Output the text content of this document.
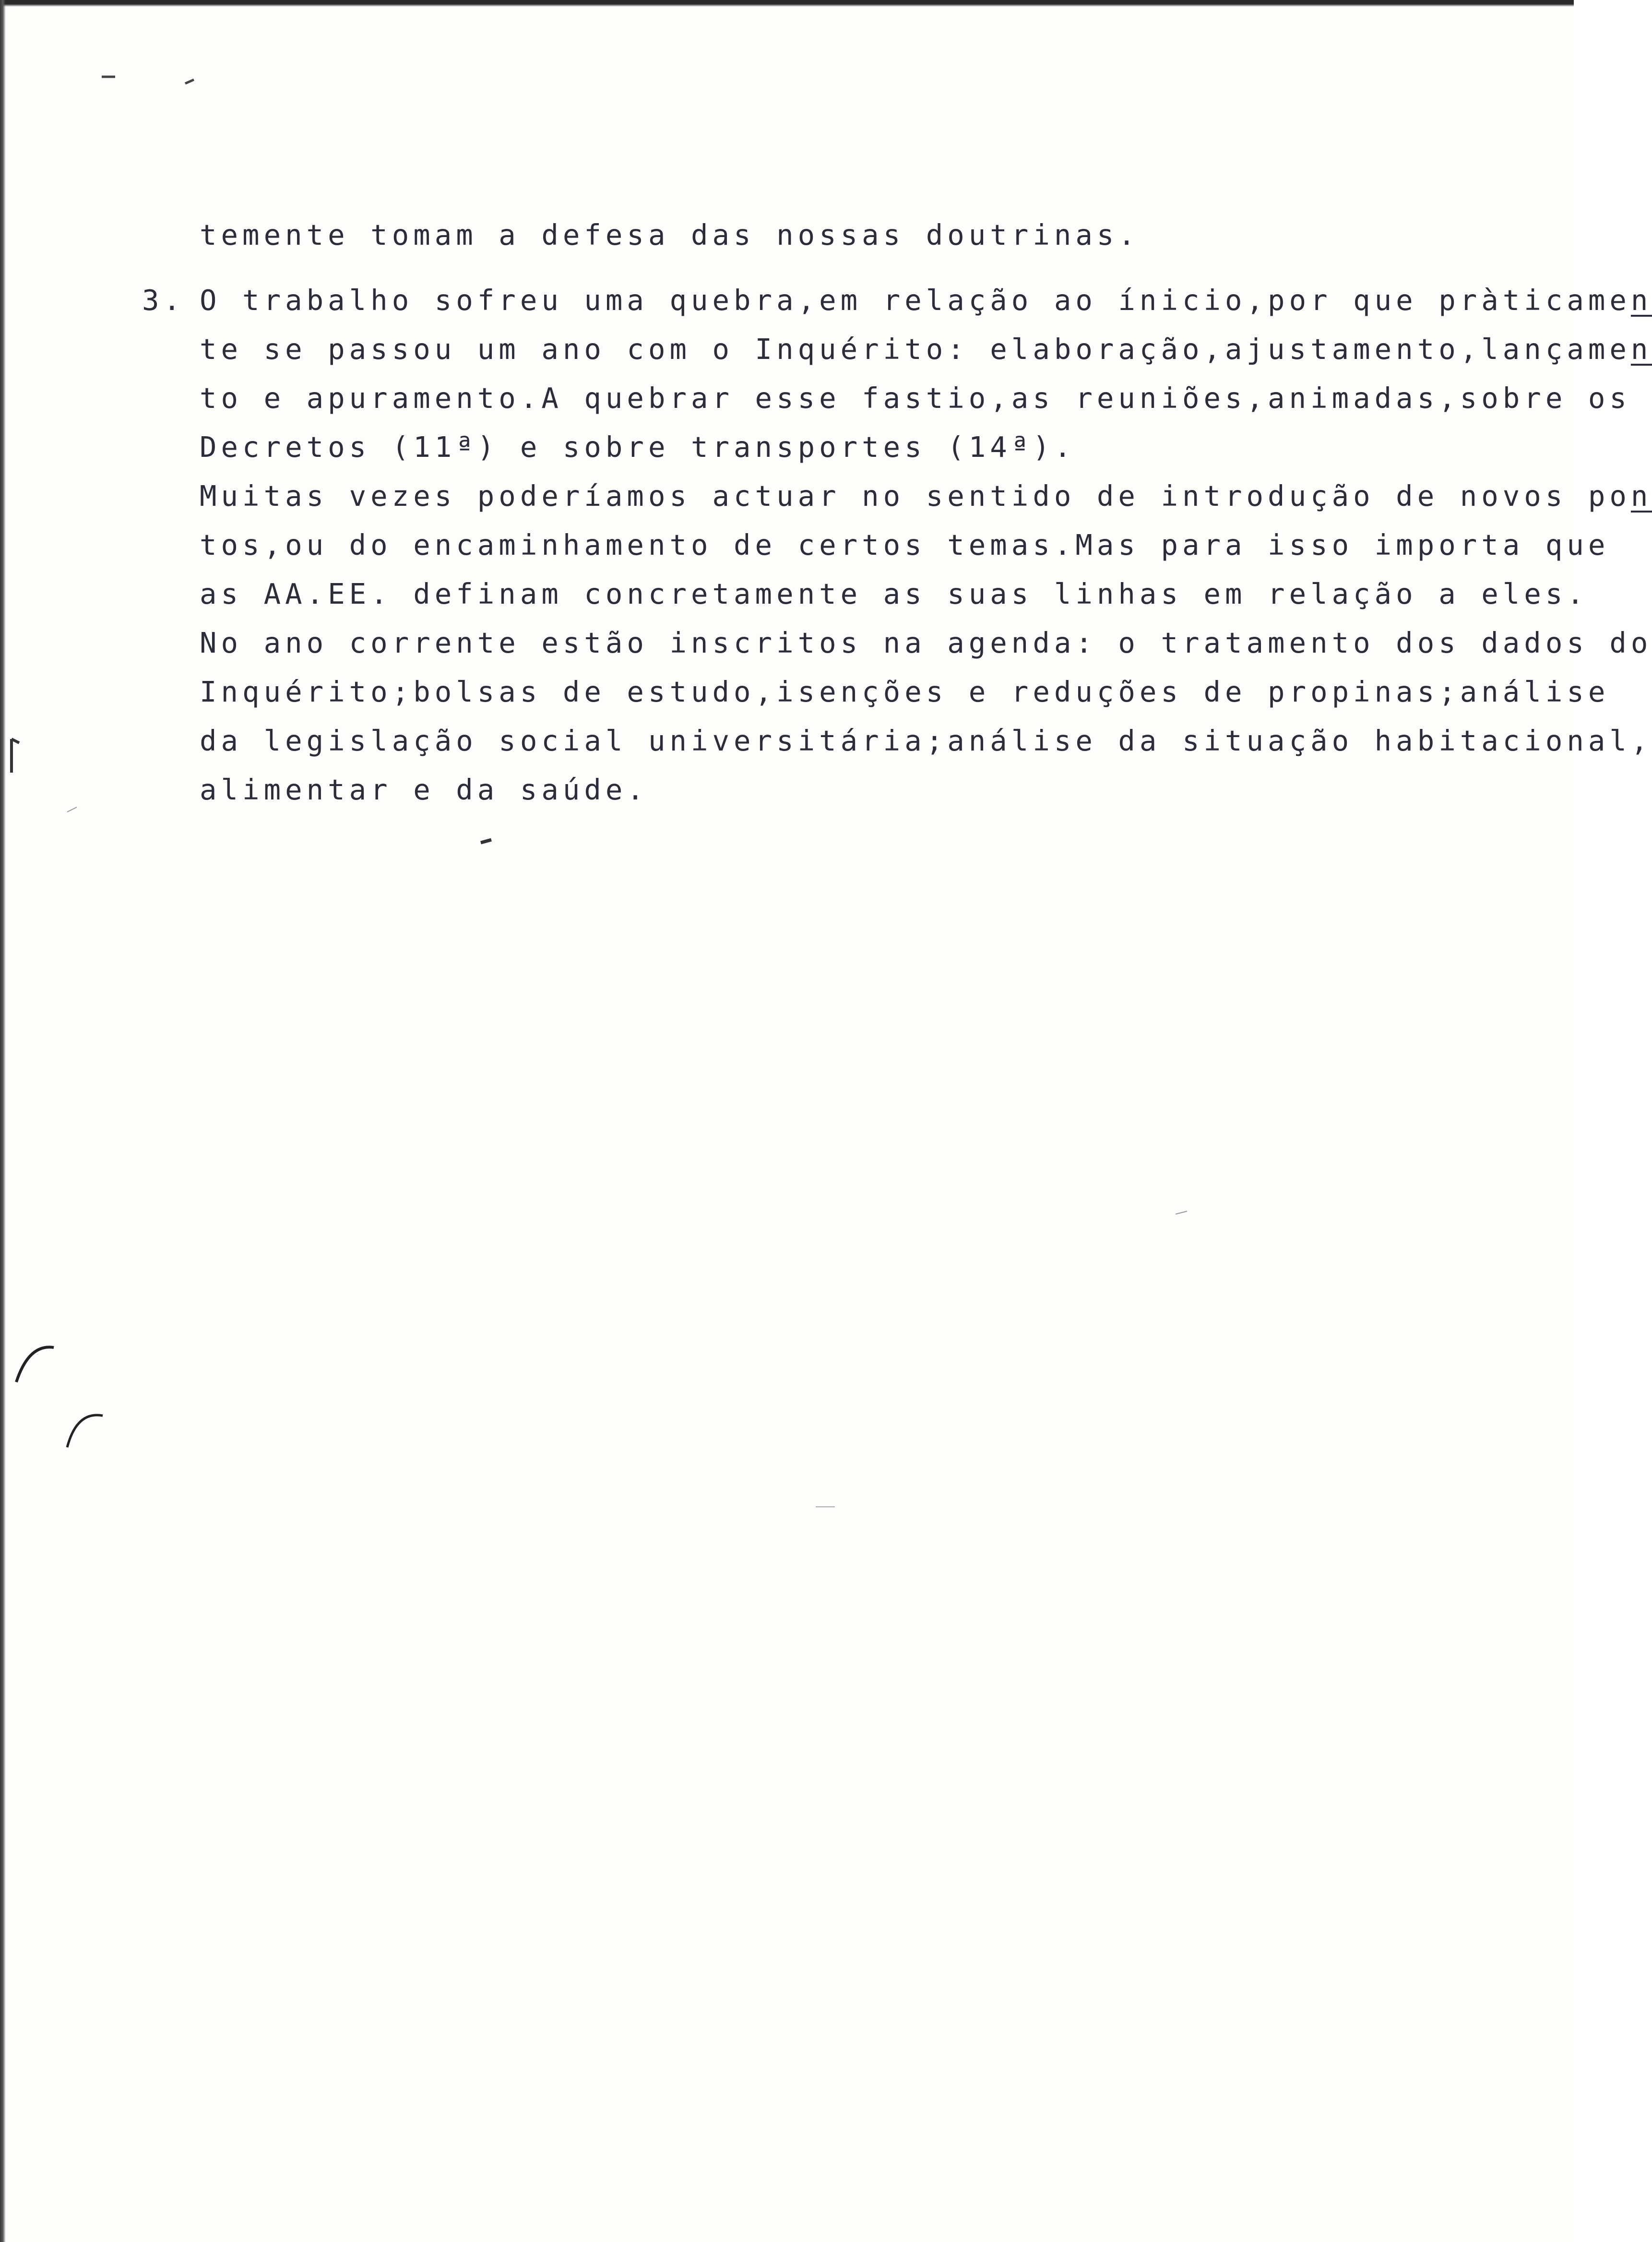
temente tomam a defesa das nossas doutrinas.
3. O trabalho sofreu uma quebra,em relação ao ínicio,por que pràticamen
te se passou um ano com o Inquérito: elaboração,ajustamento,lançamen
to e apuramento.A quebrar esse fastio,as reuniões,animadas,sobre os
Decretos (11ª) e sobre transportes (14ª).
Muitas vezes poderíamos actuar no sentido de introdução de novos pon
tos,ou do encaminhamento de certos temas.Mas para isso importa que
as AA.EE. definam concretamente as suas linhas em relação a eles.
No ano corrente estão inscritos na agenda: o tratamento dos dados do
Inquérito;bolsas de estudo,isenções e reduções de propinas;análise
da legislação social universitária;análise da situação habitacional,
alimentar e da saúde.
